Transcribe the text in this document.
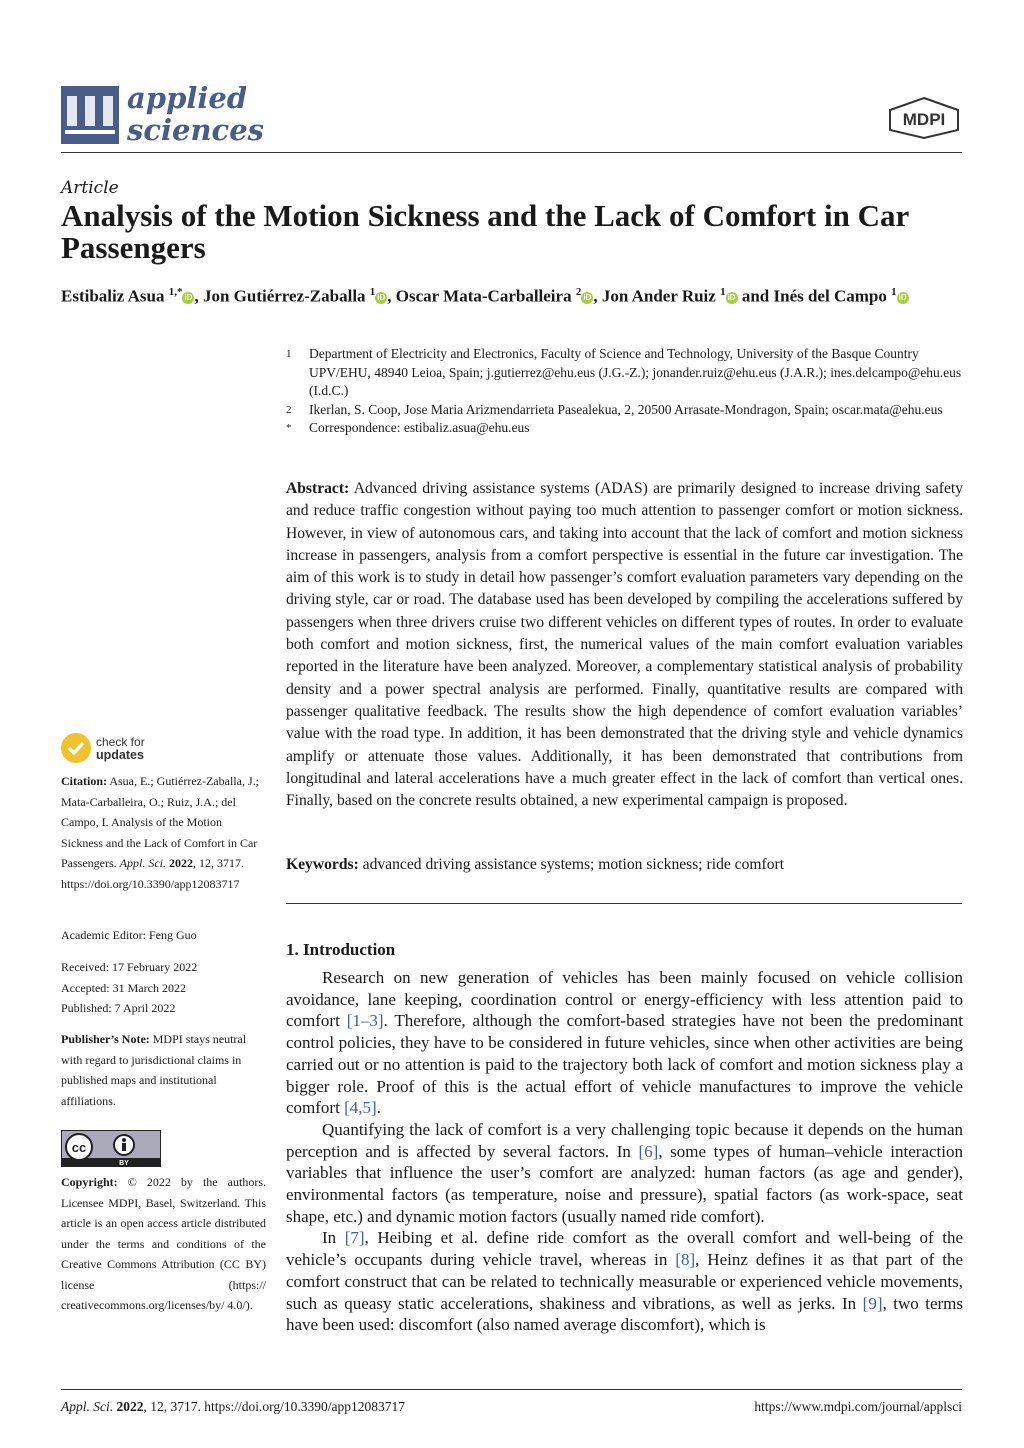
applied
sciences	MDPI
Article
Analysis of the Motion Sickness and the Lack of Comfort in Car Passengers
Estibaliz Asua $^{1,*}$ iD , Jon Gutiérrez-Zaballa $^1$ iD , Oscar Mata-Carballeira $^2$ iD , Jon Ander Ruiz $^1$ iD and Inés del Campo $^1$ iD
1	Department of Electricity and Electronics, Faculty of Science and Technology, University of the Basque Country UPV/EHU, 48940 Leioa, Spain; j.gutierrez@ehu.eus (J.G.-Z.); jonander.ruiz@ehu.eus (J.A.R.); ines.delcampo@ehu.eus (I.d.C.)
2	Ikerlan, S. Coop, Jose Maria Arizmendarrieta Pasealekua, 2, 20500 Arrasate-Mondragon, Spain; oscar.mata@ehu.eus
*	Correspondence: estibaliz.asua@ehu.eus
Abstract: Advanced driving assistance systems (ADAS) are primarily designed to increase driving safety and reduce traffic congestion without paying too much attention to passenger comfort or motion sickness. However, in view of autonomous cars, and taking into account that the lack of comfort and motion sickness increase in passengers, analysis from a comfort perspective is essential in the future car investigation. The aim of this work is to study in detail how passenger’s comfort evaluation parameters vary depending on the driving style, car or road. The database used has been developed by compiling the accelerations suffered by passengers when three drivers cruise two different vehicles on different types of routes. In order to evaluate both comfort and motion sickness, first, the numerical values of the main comfort evaluation variables reported in the literature have been analyzed. Moreover, a complementary statistical analysis of probability density and a power spectral analysis are performed. Finally, quantitative results are compared with passenger qualitative feedback. The results show the high dependence of comfort evaluation variables’ value with the road type. In addition, it has been demonstrated that the driving style and vehicle dynamics amplify or attenuate those values. Additionally, it has been demonstrated that contributions from longitudinal and lateral accelerations have a much greater effect in the lack of comfort than vertical ones. Finally, based on the concrete results obtained, a new experimental campaign is proposed.
Keywords: advanced driving assistance systems; motion sickness; ride comfort
1. Introduction

Research on new generation of vehicles has been mainly focused on vehicle collision avoidance, lane keeping, coordination control or energy-efficiency with less attention paid to comfort [1–3]. Therefore, although the comfort-based strategies have not been the predominant control policies, they have to be considered in future vehicles, since when other activities are being carried out or no attention is paid to the trajectory both lack of comfort and motion sickness play a bigger role. Proof of this is the actual effort of vehicle manufactures to improve the vehicle comfort [4,5].

Quantifying the lack of comfort is a very challenging topic because it depends on the human perception and is affected by several factors. In [6], some types of human–vehicle interaction variables that influence the user’s comfort are analyzed: human factors (as age and gender), environmental factors (as temperature, noise and pressure), spatial factors (as work-space, seat shape, etc.) and dynamic motion factors (usually named ride comfort).

In [7], Heibing et al. define ride comfort as the overall comfort and well-being of the vehicle’s occupants during vehicle travel, whereas in [8], Heinz defines it as that part of the comfort construct that can be related to technically measurable or experienced vehicle movements, such as queasy static accelerations, shakiness and vibrations, as well as jerks. In [9], two terms have been used: discomfort (also named average discomfort), which is

check for
updates
Citation: Asua, E.; Gutiérrez-Zaballa, J.; Mata-Carballeira, O.; Ruiz, J.A.; del Campo, I. Analysis of the Motion Sickness and the Lack of Comfort in Car Passengers. Appl. Sci. 2022, 12, 3717. https://doi.org/10.3390/app12083717
Academic Editor: Feng Guo
Received: 17 February 2022
Accepted: 31 March 2022
Published: 7 April 2022
Publisher’s Note: MDPI stays neutral with regard to jurisdictional claims in published maps and institutional affiliations.
cc
BY
Copyright: © 2022 by the authors. Licensee MDPI, Basel, Switzerland. This article is an open access article distributed under the terms and conditions of the Creative Commons Attribution (CC BY) license (https:// creativecommons.org/licenses/by/ 4.0/).
Appl. Sci. 2022, 12, 3717. https://doi.org/10.3390/app12083717	https://www.mdpi.com/journal/applsci
